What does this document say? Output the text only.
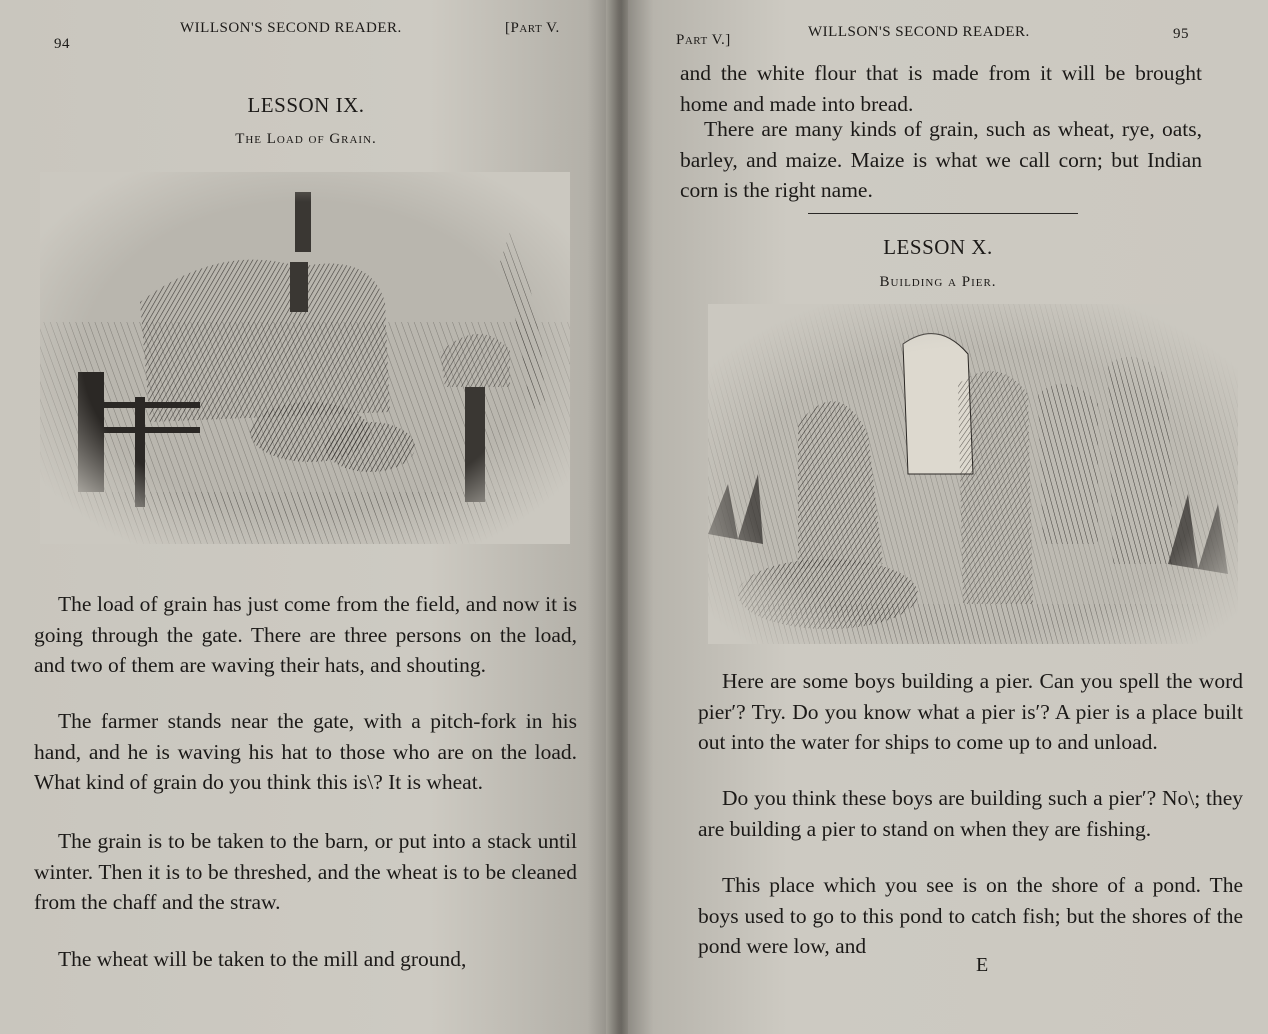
94
WILLSON'S SECOND READER.	[Part V.
LESSON IX.
The Load of Grain.
The load of grain has just come from the field, and now it is going through the gate. There are three persons on the load, and two of them are waving their hats, and shouting.
The farmer stands near the gate, with a pitch-fork in his hand, and he is waving his hat to those who are on the load. What kind of grain do you think this is\? It is wheat.
The grain is to be taken to the barn, or put into a stack until winter. Then it is to be threshed, and the wheat is to be cleaned from the chaff and the straw.
The wheat will be taken to the mill and ground,
Part V.]	WILLSON'S SECOND READER.	95
and the white flour that is made from it will be brought home and made into bread.
There are many kinds of grain, such as wheat, rye, oats, barley, and maize. Maize is what we call corn; but Indian corn is the right name.
LESSON X.
Building a Pier.
Here are some boys building a pier. Can you spell the word pier′? Try. Do you know what a pier is′? A pier is a place built out into the water for ships to come up to and unload.
Do you think these boys are building such a pier′? No\; they are building a pier to stand on when they are fishing.
This place which you see is on the shore of a pond. The boys used to go to this pond to catch fish; but the shores of the pond were low, and
E
